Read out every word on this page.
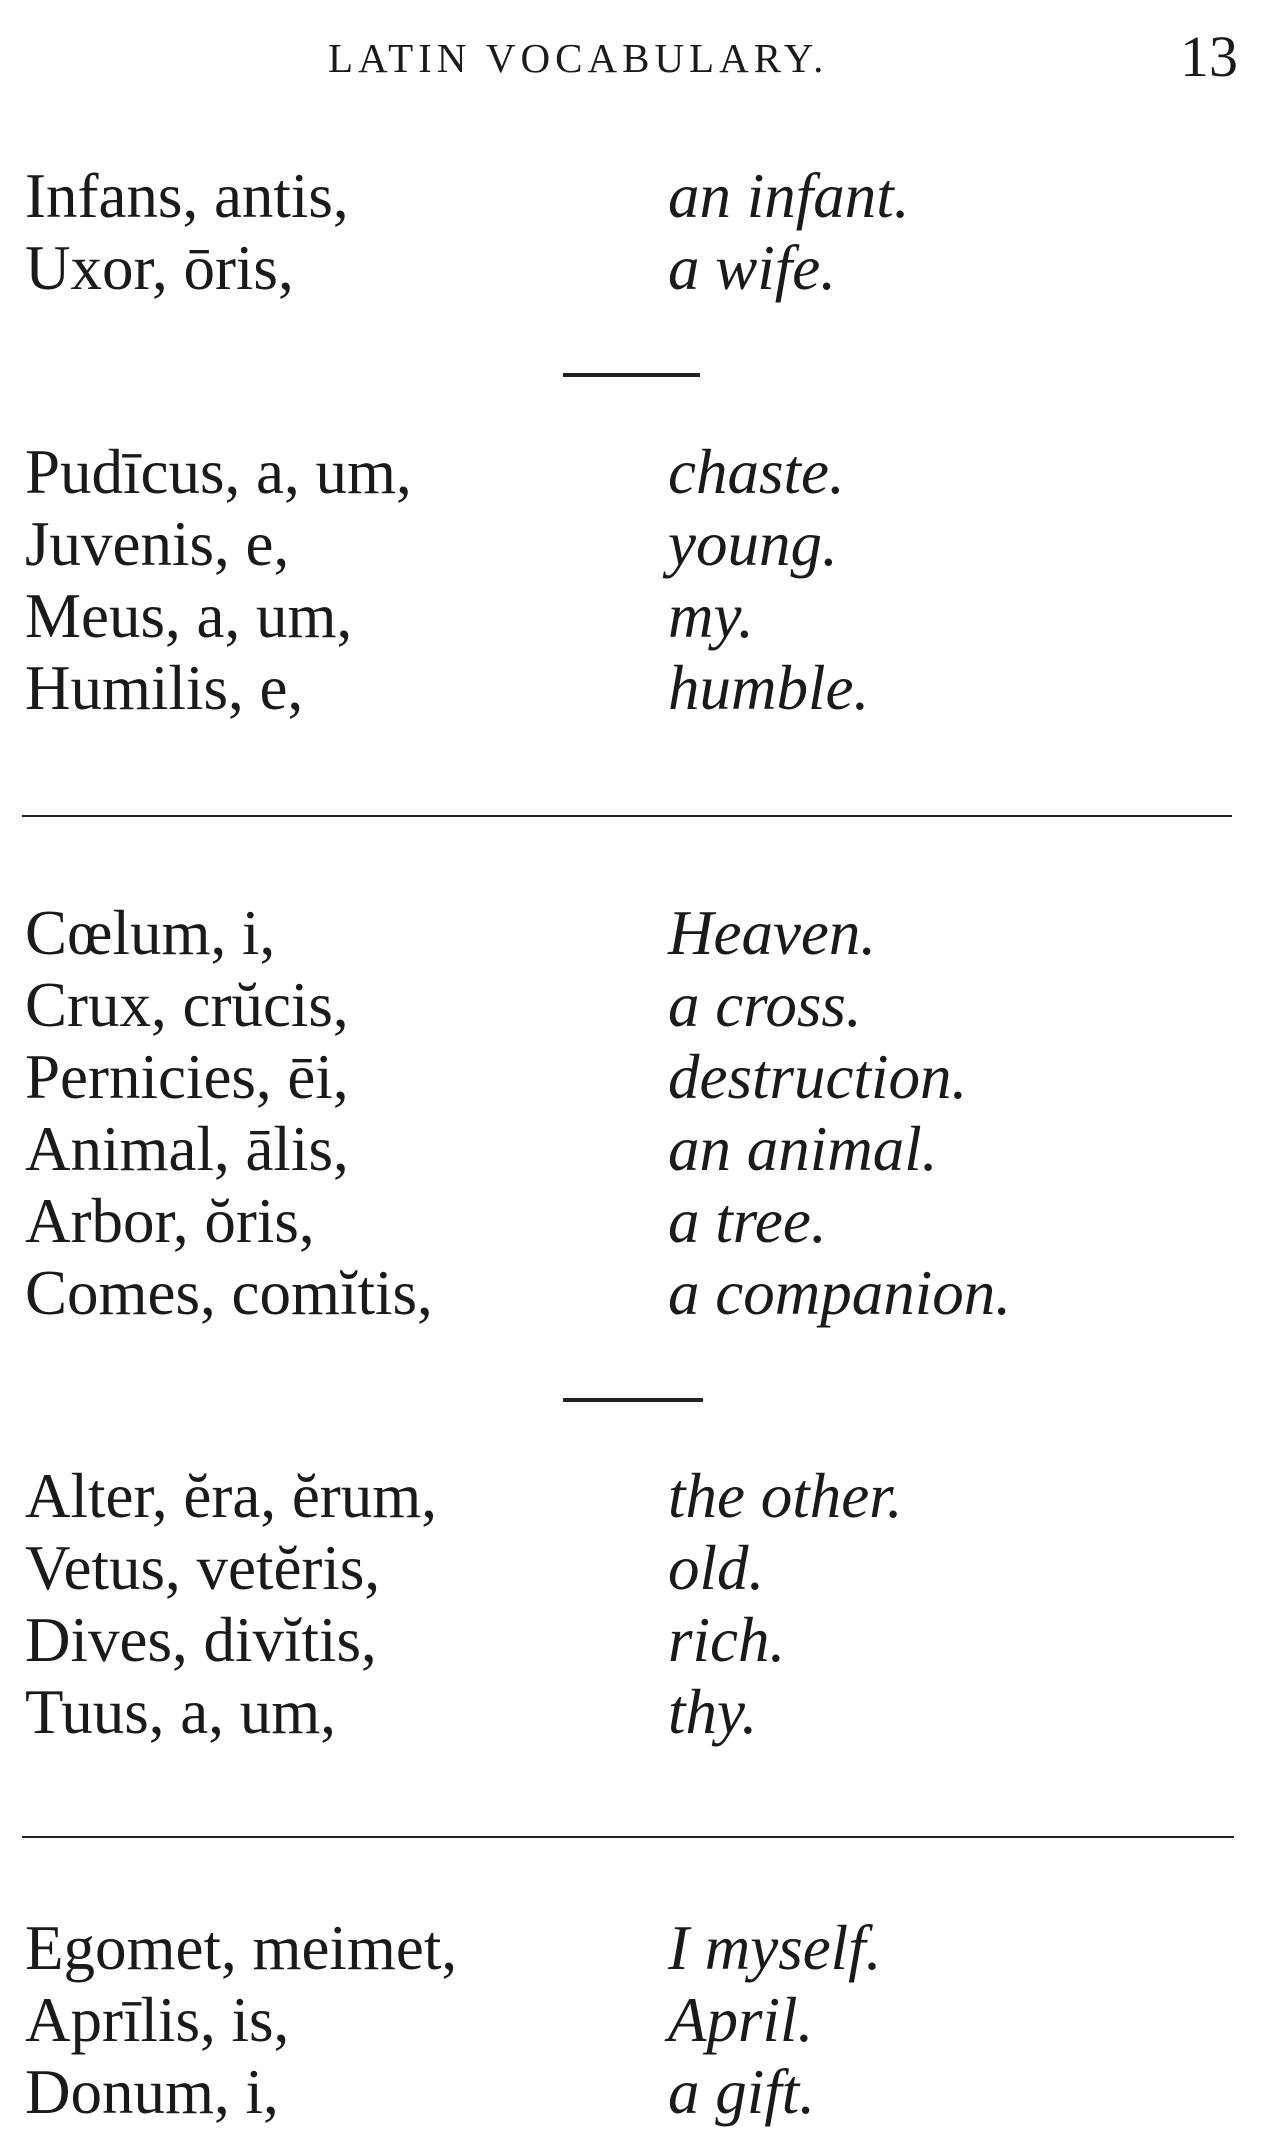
LATIN VOCABULARY.	13
Infans, antis,	an infant.
Uxor, ōris,	a wife.
Pudīcus, a, um,	chaste.
Juvenis, e,	young.
Meus, a, um,	my.
Humilis, e,	humble.
Cœlum, i,	Heaven.
Crux, crŭcis,	a cross.
Pernicies, ēi,	destruction.
Animal, ālis,	an animal.
Arbor, ŏris,	a tree.
Comes, comĭtis,	a companion.
Alter, ĕra, ĕrum,	the other.
Vetus, vetĕris,	old.
Dives, divĭtis,	rich.
Tuus, a, um,	thy.
Egomet, meimet,	I myself.
Aprīlis, is,	April.
Donum, i,	a gift.
